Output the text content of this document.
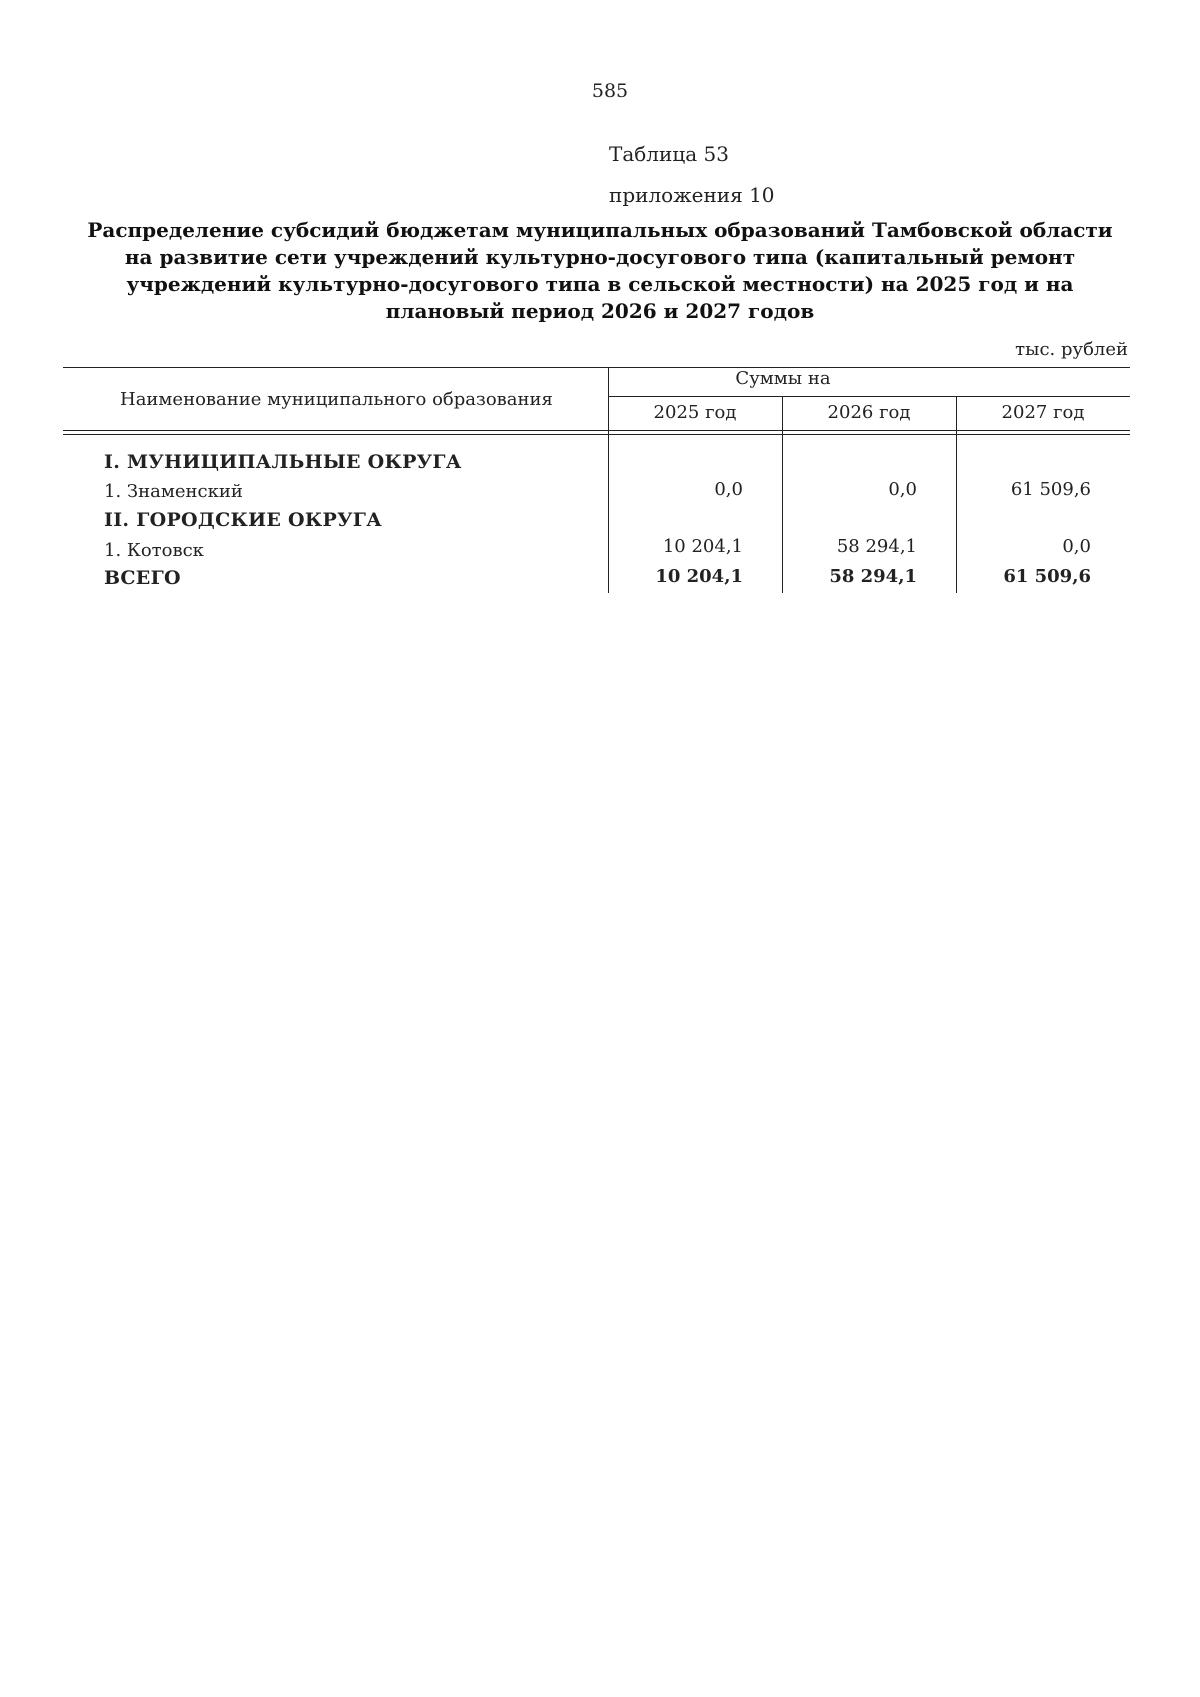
585
Таблица 53
приложения 10
Распределение субсидий бюджетам муниципальных образований Тамбовской области
на развитие сети учреждений культурно-досугового типа (капитальный ремонт
учреждений культурно-досугового типа в сельской местности) на 2025 год и на
плановый период 2026 и 2027 годов
тыс. рублей
Наименование муниципального образования
Суммы на
2025 год	2026 год	2027 год
I. МУНИЦИПАЛЬНЫЕ ОКРУГА
1. Знаменский	0,0	0,0	61 509,6
II. ГОРОДСКИЕ ОКРУГА
1. Котовск	10 204,1	58 294,1	0,0
ВСЕГО	10 204,1	58 294,1	61 509,6
